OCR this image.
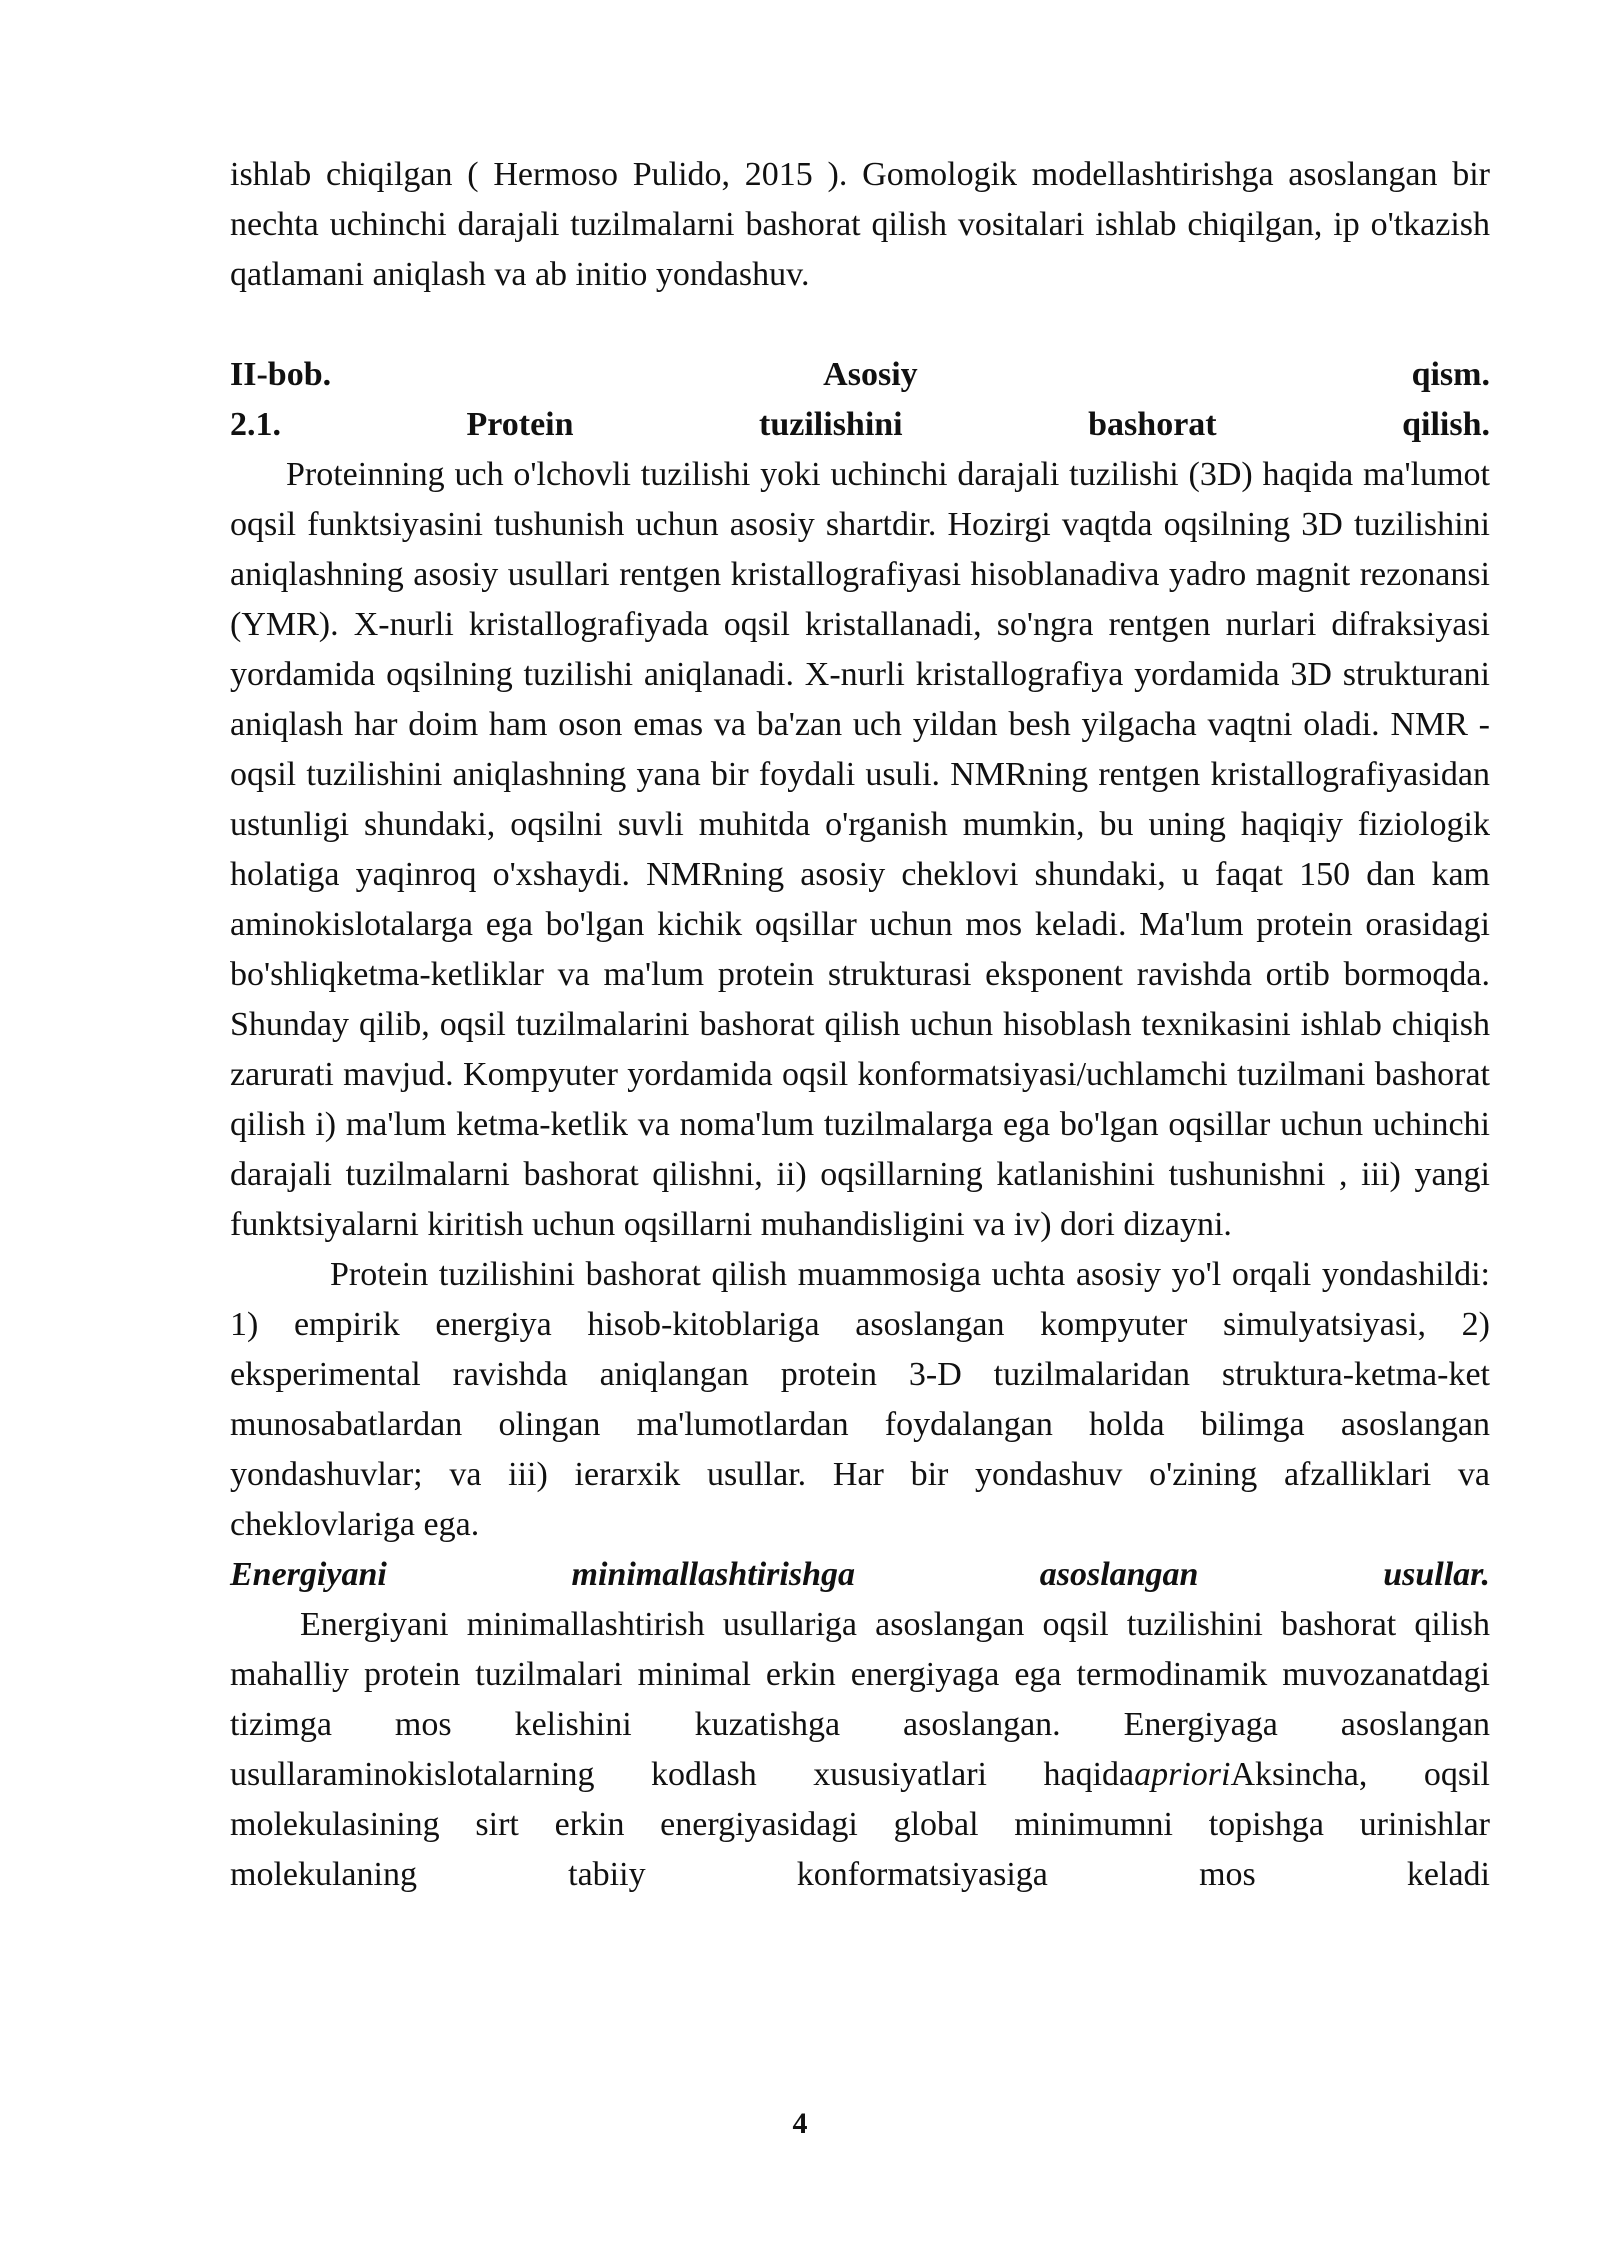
ishlab chiqilgan ( Hermoso Pulido, 2015 ). Gomologik modellashtirishga asoslangan bir nechta uchinchi darajali tuzilmalarni bashorat qilish vositalari ishlab chiqilgan, ip o'tkazish qatlamani aniqlash va ab initio yondashuv.

II-bob. Asosiy qism.

2.1. Protein tuzilishini bashorat qilish.

Proteinning uch o'lchovli tuzilishi yoki uchinchi darajali tuzilishi (3D) haqida ma'lumot oqsil funktsiyasini tushunish uchun asosiy shartdir. Hozirgi vaqtda oqsilning 3D tuzilishini aniqlashning asosiy usullari rentgen kristallografiyasi hisoblanadiva yadro magnit rezonansi (YMR). X-nurli kristallografiyada oqsil kristallanadi, so'ngra rentgen nurlari difraksiyasi yordamida oqsilning tuzilishi aniqlanadi. X-nurli kristallografiya yordamida 3D strukturani aniqlash har doim ham oson emas va ba'zan uch yildan besh yilgacha vaqtni oladi. NMR - oqsil tuzilishini aniqlashning yana bir foydali usuli. NMRning rentgen kristallografiyasidan ustunligi shundaki, oqsilni suvli muhitda o'rganish mumkin, bu uning haqiqiy fiziologik holatiga yaqinroq o'xshaydi. NMRning asosiy cheklovi shundaki, u faqat 150 dan kam aminokislotalarga ega bo'lgan kichik oqsillar uchun mos keladi. Ma'lum protein orasidagi bo'shliqketma-ketliklar va ma'lum protein strukturasi eksponent ravishda ortib bormoqda. Shunday qilib, oqsil tuzilmalarini bashorat qilish uchun hisoblash texnikasini ishlab chiqish zarurati mavjud. Kompyuter yordamida oqsil konformatsiyasi/uchlamchi tuzilmani bashorat qilish i) ma'lum ketma-ketlik va noma'lum tuzilmalarga ega bo'lgan oqsillar uchun uchinchi darajali tuzilmalarni bashorat qilishni, ii) oqsillarning katlanishini tushunishni , iii) yangi funktsiyalarni kiritish uchun oqsillarni muhandisligini va iv) dori dizayni.

Protein tuzilishini bashorat qilish muammosiga uchta asosiy yo'l orqali yondashildi: 1) empirik energiya hisob-kitoblariga asoslangan kompyuter simulyatsiyasi, 2) eksperimental ravishda aniqlangan protein 3-D tuzilmalaridan struktura-ketma-ket munosabatlardan olingan ma'lumotlardan foydalangan holda bilimga asoslangan yondashuvlar; va iii) ierarxik usullar. Har bir yondashuv o'zining afzalliklari va cheklovlariga ega.

Energiyani minimallashtirishga asoslangan usullar.

Energiyani minimallashtirish usullariga asoslangan oqsil tuzilishini bashorat qilish mahalliy protein tuzilmalari minimal erkin energiyaga ega termodinamik muvozanatdagi tizimga mos kelishini kuzatishga asoslangan. Energiyaga asoslangan usullaraminokislotalarning kodlash xususiyatlari haqidaaprioriAksincha, oqsil molekulasining sirt erkin energiyasidagi global minimumni topishga urinishlar molekulaning tabiiy konformatsiyasiga mos keladi

4
